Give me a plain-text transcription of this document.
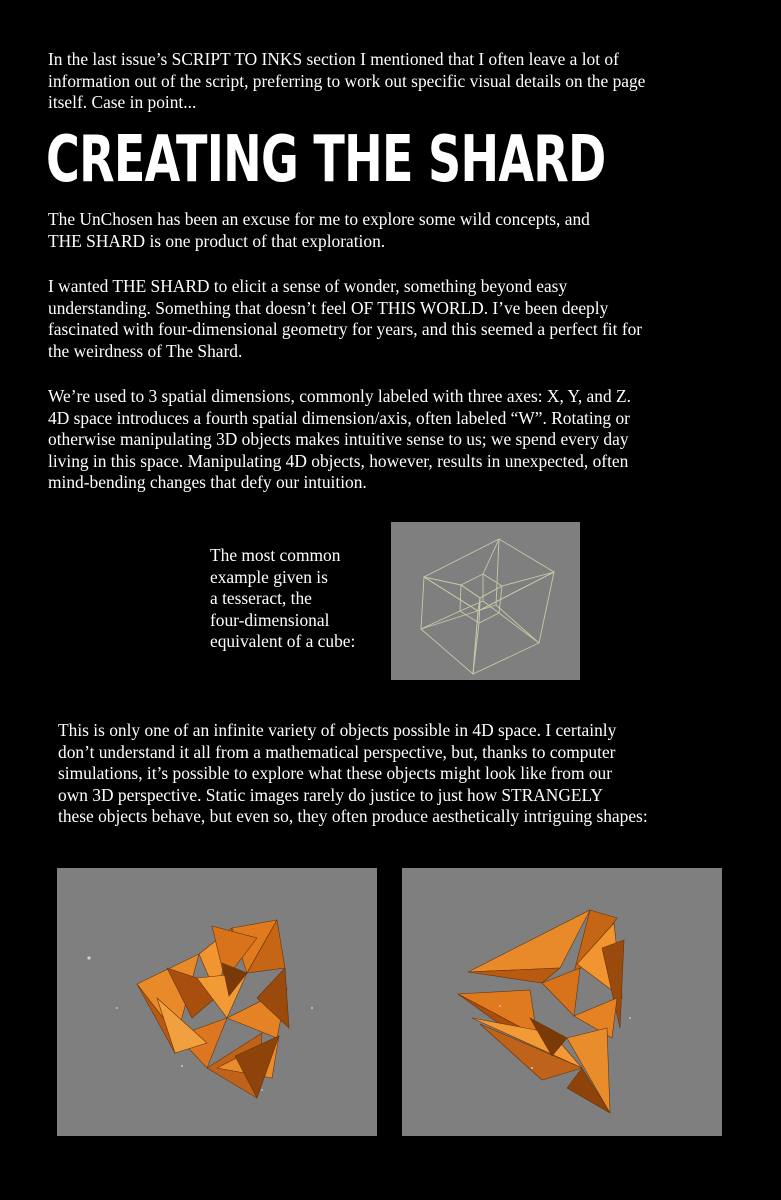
In the last issue’s SCRIPT TO INKS section I mentioned that I often leave a lot of
information out of the script, preferring to work out specific visual details on the page
itself. Case in point...

CREATING THE SHARD

The UnChosen has been an excuse for me to explore some wild concepts, and
THE SHARD is one product of that exploration.

I wanted THE SHARD to elicit a sense of wonder, something beyond easy
understanding. Something that doesn’t feel OF THIS WORLD. I’ve been deeply
fascinated with four-dimensional geometry for years, and this seemed a perfect fit for
the weirdness of The Shard.

We’re used to 3 spatial dimensions, commonly labeled with three axes: X, Y, and Z.
4D space introduces a fourth spatial dimension/axis, often labeled “W”. Rotating or
otherwise manipulating 3D objects makes intuitive sense to us; we spend every day
living in this space. Manipulating 4D objects, however, results in unexpected, often
mind-bending changes that defy our intuition.

The most common
example given is
a tesseract, the
four-dimensional
equivalent of a cube:

This is only one of an infinite variety of objects possible in 4D space. I certainly
don’t understand it all from a mathematical perspective, but, thanks to computer
simulations, it’s possible to explore what these objects might look like from our
own 3D perspective. Static images rarely do justice to just how STRANGELY
these objects behave, but even so, they often produce aesthetically intriguing shapes:
